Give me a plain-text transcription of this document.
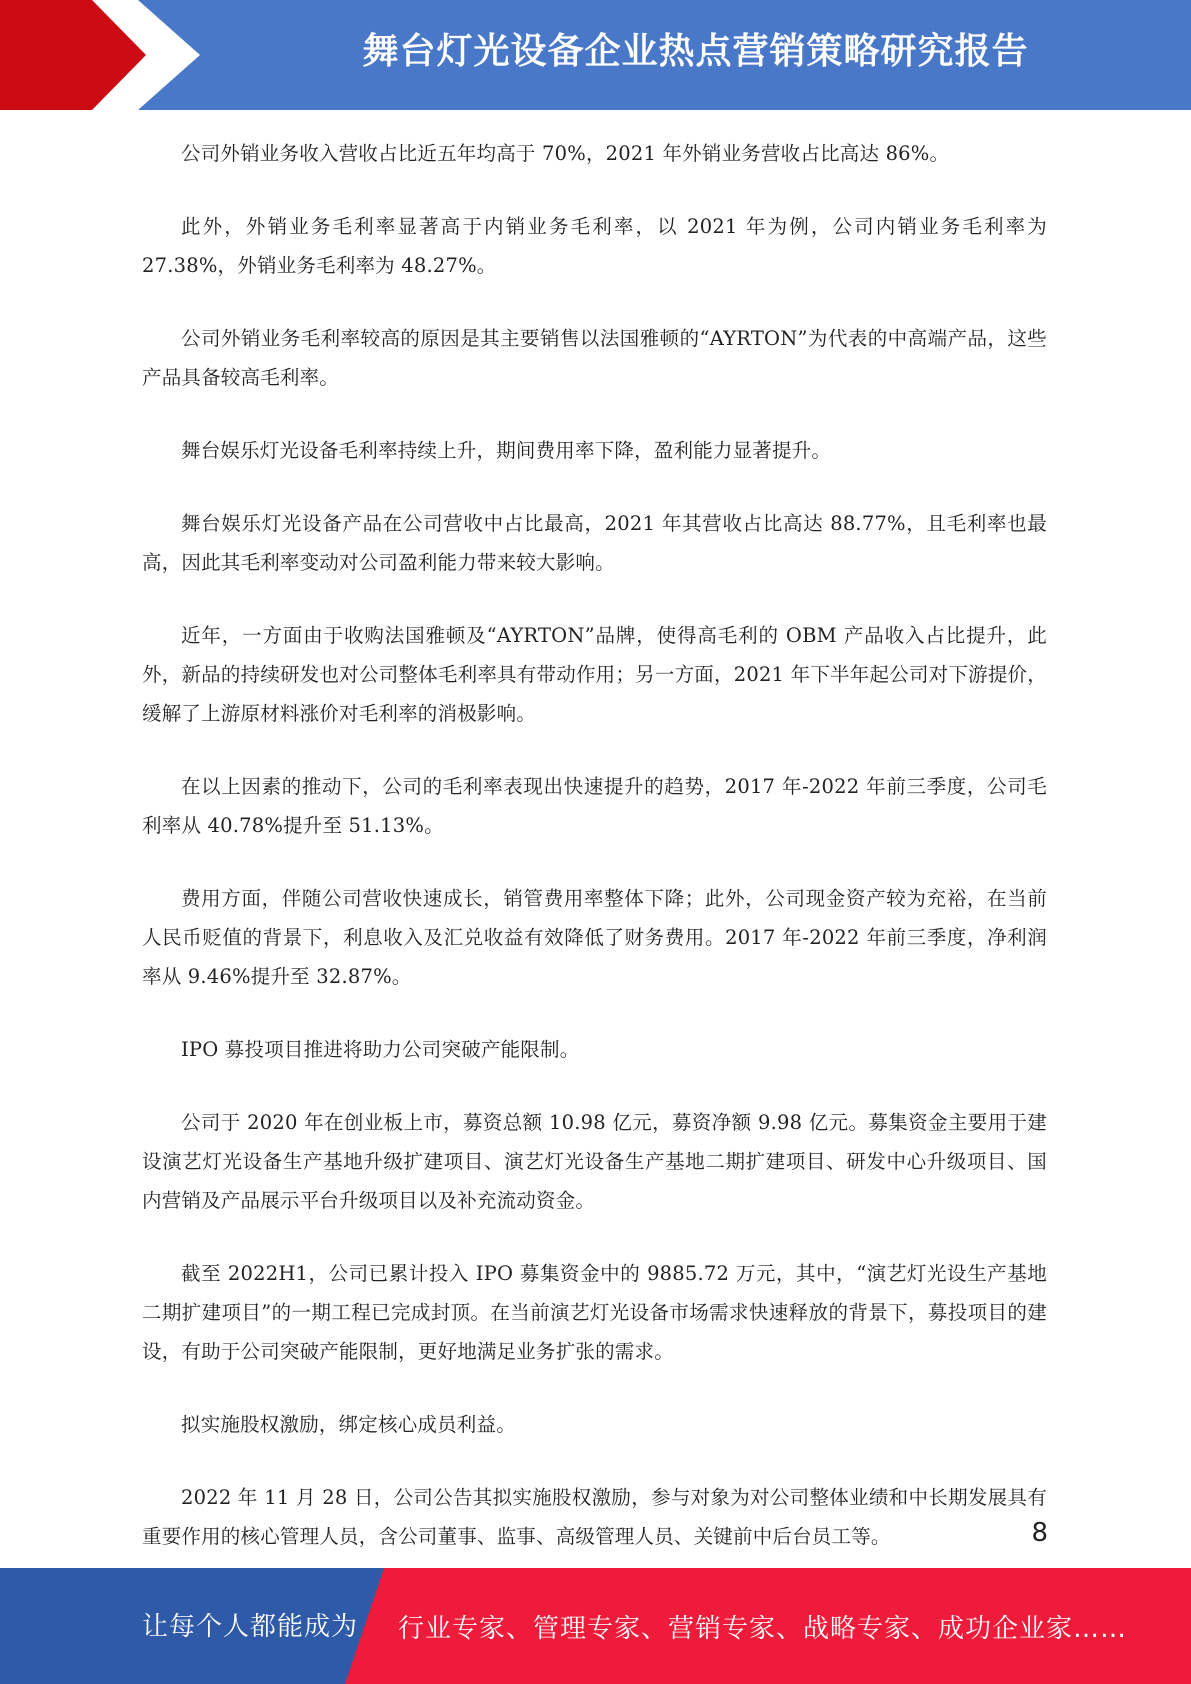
舞台灯光设备企业热点营销策略研究报告

公司外销业务收入营收占比近五年均高于 70%，2021 年外销业务营收占比高达 86%。

此外，外销业务毛利率显著高于内销业务毛利率，以 2021 年为例，公司内销业务毛利率为 27.38%，外销业务毛利率为 48.27%。

公司外销业务毛利率较高的原因是其主要销售以法国雅顿的“AYRTON”为代表的中高端产品，这些产品具备较高毛利率。

舞台娱乐灯光设备毛利率持续上升，期间费用率下降，盈利能力显著提升。

舞台娱乐灯光设备产品在公司营收中占比最高，2021 年其营收占比高达 88.77%，且毛利率也最高，因此其毛利率变动对公司盈利能力带来较大影响。

近年，一方面由于收购法国雅顿及“AYRTON”品牌，使得高毛利的 OBM 产品收入占比提升，此外，新品的持续研发也对公司整体毛利率具有带动作用；另一方面，2021 年下半年起公司对下游提价，缓解了上游原材料涨价对毛利率的消极影响。

在以上因素的推动下，公司的毛利率表现出快速提升的趋势，2017 年-2022 年前三季度，公司毛利率从 40.78%提升至 51.13%。

费用方面，伴随公司营收快速成长，销管费用率整体下降；此外，公司现金资产较为充裕，在当前人民币贬值的背景下，利息收入及汇兑收益有效降低了财务费用。2017 年-2022 年前三季度，净利润率从 9.46%提升至 32.87%。

IPO 募投项目推进将助力公司突破产能限制。

公司于 2020 年在创业板上市，募资总额 10.98 亿元，募资净额 9.98 亿元。募集资金主要用于建设演艺灯光设备生产基地升级扩建项目、演艺灯光设备生产基地二期扩建项目、研发中心升级项目、国内营销及产品展示平台升级项目以及补充流动资金。

截至 2022H1，公司已累计投入 IPO 募集资金中的 9885.72 万元，其中，“演艺灯光设生产基地二期扩建项目”的一期工程已完成封顶。在当前演艺灯光设备市场需求快速释放的背景下，募投项目的建设，有助于公司突破产能限制，更好地满足业务扩张的需求。

拟实施股权激励，绑定核心成员利益。

2022 年 11 月 28 日，公司公告其拟实施股权激励，参与对象为对公司整体业绩和中长期发展具有重要作用的核心管理人员，含公司董事、监事、高级管理人员、关键前中后台员工等。	8
让每个人都能成为 行业专家、管理专家、营销专家、战略专家、成功企业家……
